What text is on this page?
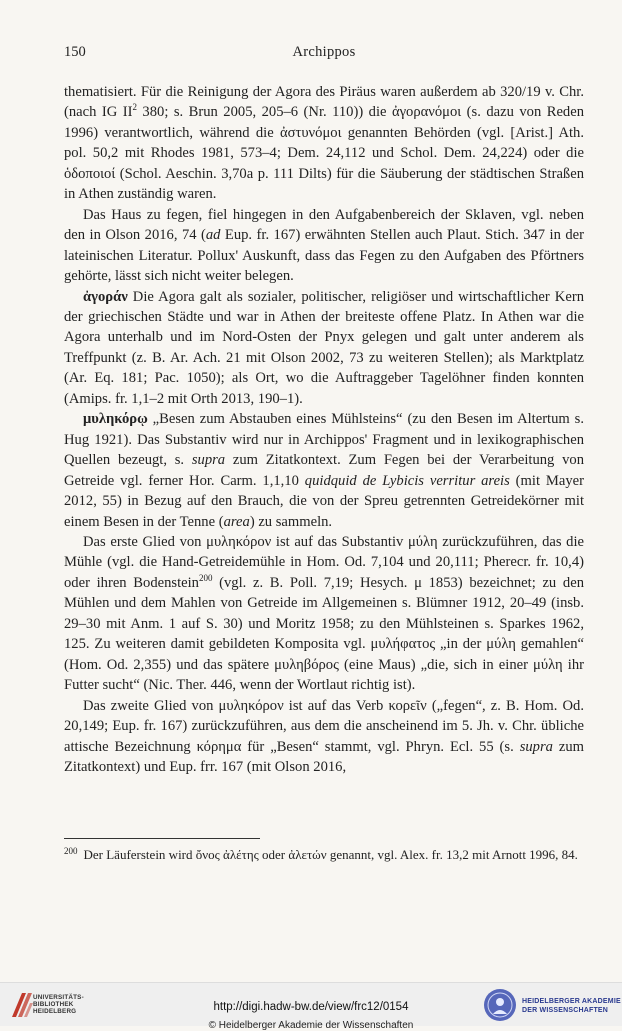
150	Archippos

thematisiert. Für die Reinigung der Agora des Piräus waren außerdem ab 320/19 v. Chr. (nach IG II$^2$ 380; s. Brun 2005, 205–6 (Nr. 110)) die ἀγορανόμοι (s. dazu von Reden 1996) verantwortlich, während die ἀστυνόμοι genannten Behörden (vgl. [Arist.] Ath. pol. 50,2 mit Rhodes 1981, 573–4; Dem. 24,112 und Schol. Dem. 24,224) oder die ὁδοποιοί (Schol. Aeschin. 3,70a p. 111 Dilts) für die Säuberung der städtischen Straßen in Athen zuständig waren.

Das Haus zu fegen, fiel hingegen in den Aufgabenbereich der Sklaven, vgl. neben den in Olson 2016, 74 (ad Eup. fr. 167) erwähnten Stellen auch Plaut. Stich. 347 in der lateinischen Literatur. Pollux' Auskunft, dass das Fegen zu den Aufgaben des Pförtners gehörte, lässt sich nicht weiter belegen.

ἀγοράν Die Agora galt als sozialer, politischer, religiöser und wirtschaftlicher Kern der griechischen Städte und war in Athen der breiteste offene Platz. In Athen war die Agora unterhalb und im Nord-Osten der Pnyx gelegen und galt unter anderem als Treffpunkt (z. B. Ar. Ach. 21 mit Olson 2002, 73 zu weiteren Stellen); als Marktplatz (Ar. Eq. 181; Pac. 1050); als Ort, wo die Auftraggeber Tagelöhner finden konnten (Amips. fr. 1,1–2 mit Orth 2013, 190–1).

μυληκόρῳ „Besen zum Abstauben eines Mühlsteins“ (zu den Besen im Altertum s. Hug 1921). Das Substantiv wird nur in Archippos' Fragment und in lexikographischen Quellen bezeugt, s. supra zum Zitatkontext. Zum Fegen bei der Verarbeitung von Getreide vgl. ferner Hor. Carm. 1,1,10 quidquid de Lybicis verritur areis (mit Mayer 2012, 55) in Bezug auf den Brauch, die von der Spreu getrennten Getreidekörner mit einem Besen in der Tenne (area) zu sammeln.

Das erste Glied von μυληκόρον ist auf das Substantiv μύλη zurückzuführen, das die Mühle (vgl. die Hand-Getreidemühle in Hom. Od. 7,104 und 20,111; Pherecr. fr. 10,4) oder ihren Bodenstein$^{200}$ (vgl. z. B. Poll. 7,19; Hesych. μ 1853) bezeichnet; zu den Mühlen und dem Mahlen von Getreide im Allgemeinen s. Blümner 1912, 20–49 (insb. 29–30 mit Anm. 1 auf S. 30) und Moritz 1958; zu den Mühlsteinen s. Sparkes 1962, 125. Zu weiteren damit gebildeten Komposita vgl. μυλήφατος „in der μύλη gemahlen“ (Hom. Od. 2,355) und das spätere μυληβόρος (eine Maus) „die, sich in einer μύλη ihr Futter sucht“ (Nic. Ther. 446, wenn der Wortlaut richtig ist).

Das zweite Glied von μυληκόρον ist auf das Verb κορεῖν („fegen“, z. B. Hom. Od. 20,149; Eup. fr. 167) zurückzuführen, aus dem die anscheinend im 5. Jh. v. Chr. übliche attische Bezeichnung κόρημα für „Besen“ stammt, vgl. Phryn. Ecl. 55 (s. supra zum Zitatkontext) und Eup. frr. 167 (mit Olson 2016,

$^{200}$ Der Läuferstein wird ὄνος ἀλέτης oder ἀλετών genannt, vgl. Alex. fr. 13,2 mit Arnott 1996, 84.
UNIVERSITÄTS-
BIBLIOTHEK
HEIDELBERG	http://digi.hadw-bw.de/view/frc12/0154
© Heidelberger Akademie der Wissenschaften
HEIDELBERGER AKADEMIE
DER WISSENSCHAFTEN
